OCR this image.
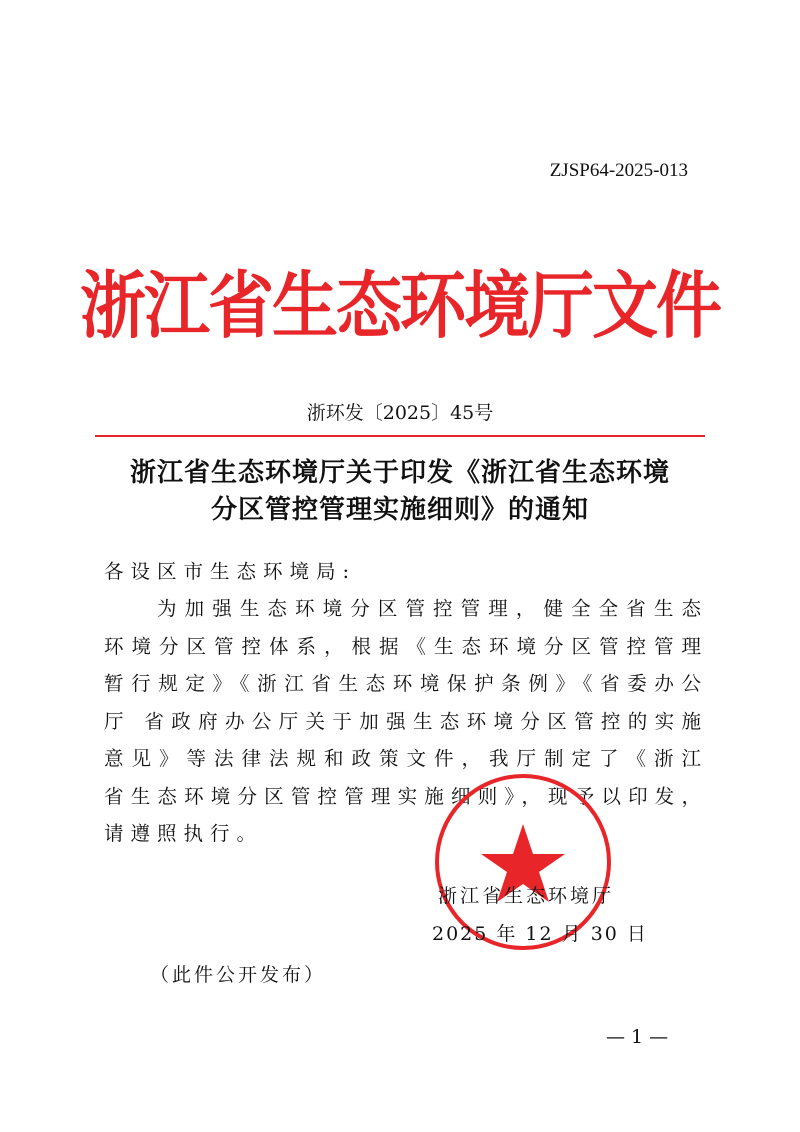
ZJSP64-2025-013
浙江省生态环境厅文件
浙环发〔2025〕45号
浙江省生态环境厅关于印发《浙江省生态环境
分区管控管理实施细则》的通知
各设区市生态环境局:
为加强生态环境分区管控管理，健全全省生态环境分区管控体系，根据《生态环境分区管控管理暂行规定》《浙江省生态环境保护条例》《省委办公厅 省政府办公厅关于加强生态环境分区管控的实施意见》等法律法规和政策文件，我厅制定了《浙江省生态环境分区管控管理实施细则》，现予以印发，请遵照执行。
浙江省生态环境厅
2025 年 12 月 30 日
（此件公开发布）
— 1 —
